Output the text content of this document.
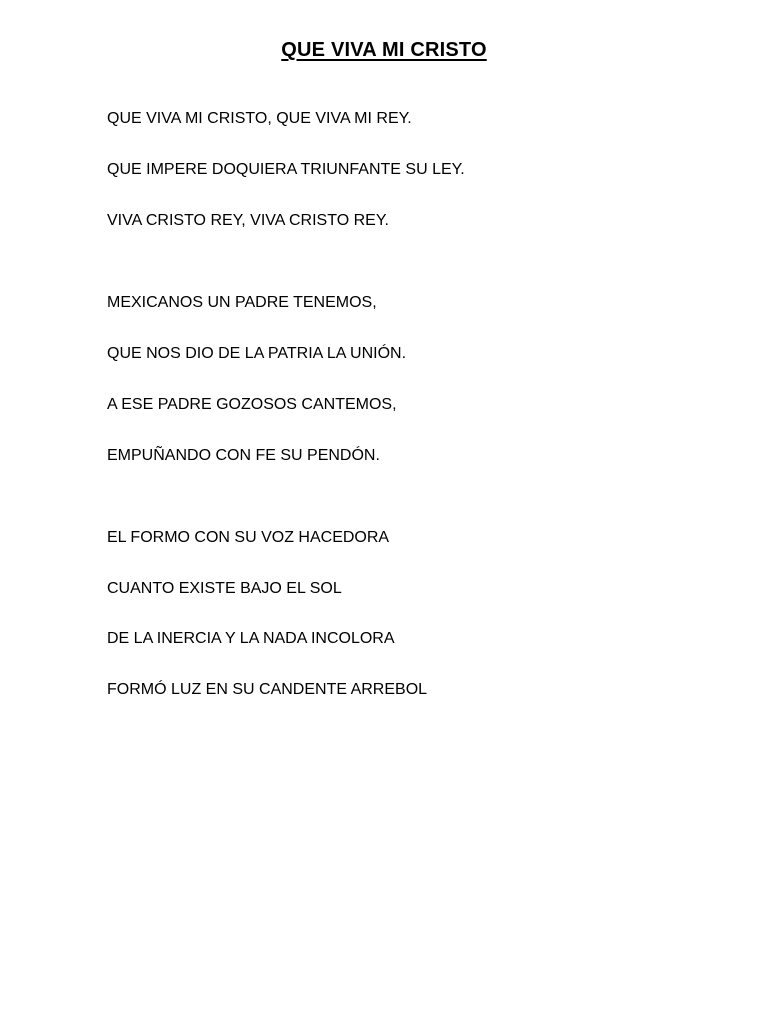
QUE VIVA MI CRISTO
QUE VIVA MI CRISTO, QUE VIVA MI REY.
QUE IMPERE DOQUIERA TRIUNFANTE SU LEY.
VIVA CRISTO REY, VIVA CRISTO REY.
MEXICANOS UN PADRE TENEMOS,
QUE NOS DIO DE LA PATRIA LA UNIÓN.
A ESE PADRE GOZOSOS CANTEMOS,
EMPUÑANDO CON FE SU PENDÓN.
EL FORMO CON SU VOZ HACEDORA
CUANTO EXISTE BAJO EL SOL
DE LA INERCIA Y LA NADA INCOLORA
FORMÓ LUZ EN SU CANDENTE ARREBOL
